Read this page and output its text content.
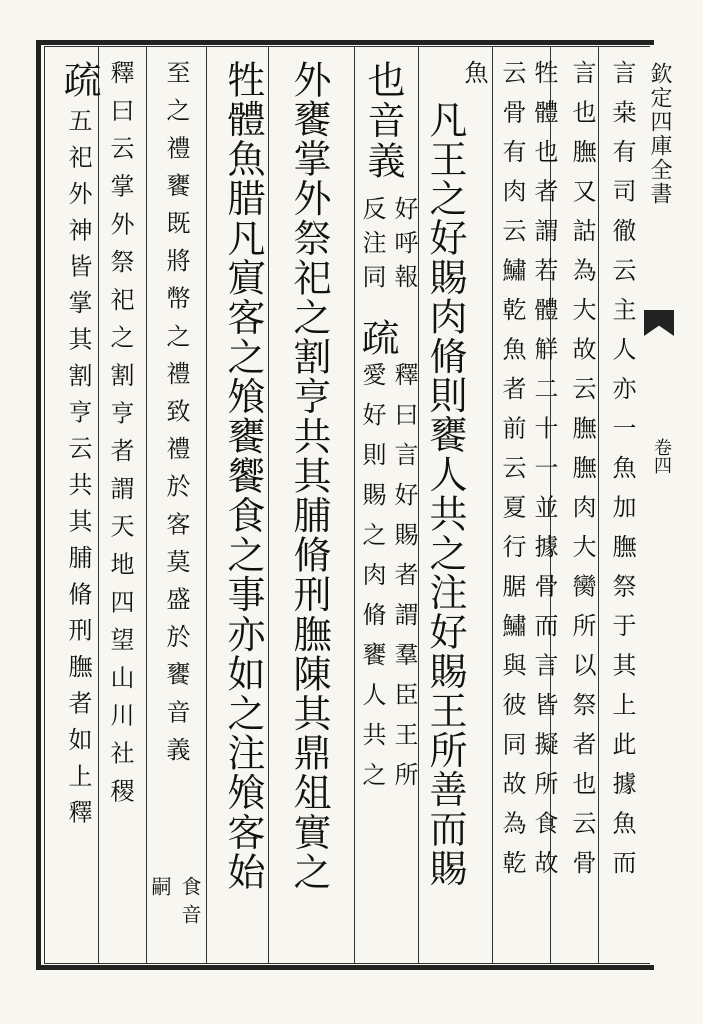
欽定四庫全書
卷四
言桒有司徹云主人亦一魚加膴祭于其上此據魚而
言也膴又詁為大故云膴膴肉大臠所以祭者也云骨
牲體也者謂若體觧二十一並據骨而言皆擬所食故
云骨有肉云鱐乾魚者前云夏行腒鱐與彼同故為乾
魚
凡王之好賜肉脩則饔人共之注好賜王所善而賜
也音義
好呼報
反注同
疏
釋曰言好賜者謂羣臣王所
愛好則賜之肉脩饔人共之
外饔掌外祭祀之割亨共其脯脩刑膴陳其鼎俎實之
牲體魚腊凡賔客之飧饔饗食之事亦如之注飧客始
至之禮饔既將幣之禮致禮於客莫盛於饔音義
食音
嗣
疏 釋曰云掌外祭祀之割亨者謂天地四望山川社稷
五祀外神皆掌其割亨云共其脯脩刑膴者如上釋
